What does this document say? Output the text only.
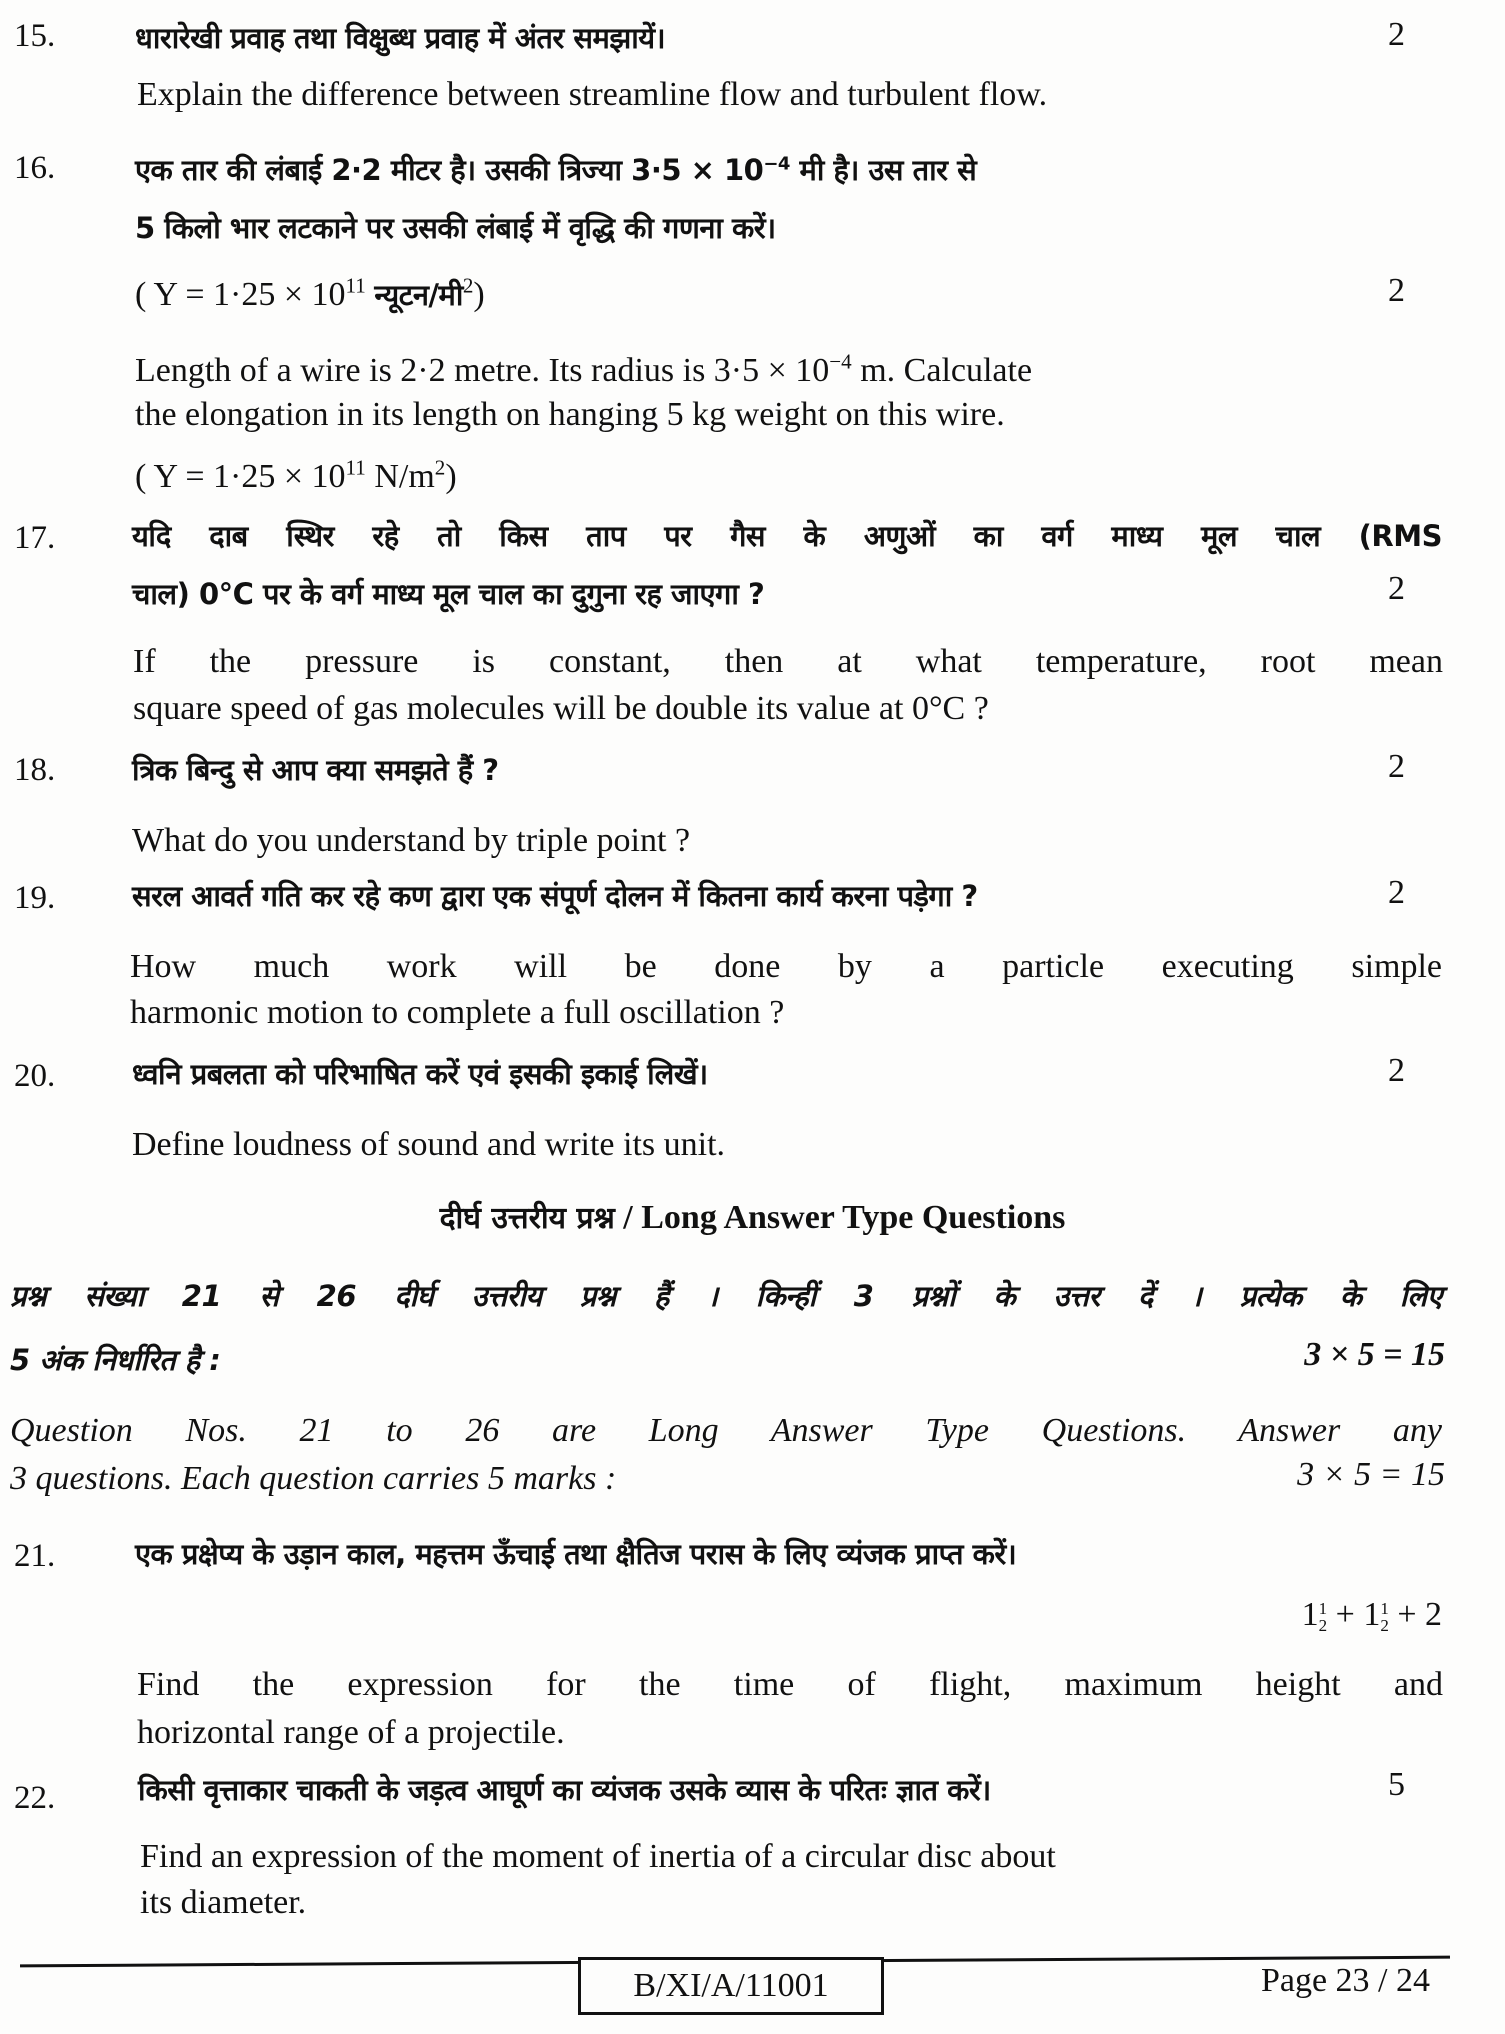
15.	धारारेखी प्रवाह तथा विक्षुब्ध प्रवाह में अंतर समझायें।	2
Explain the difference between streamline flow and turbulent flow.
16.	एक तार की लंबाई 2·2 मीटर है। उसकी त्रिज्या $3\cdot 5 \times 10^{-4}$ मी है। उस तार से
5 किलो भार लटकाने पर उसकी लंबाई में वृद्धि की गणना करें।
( $Y = 1\cdot 25 \times 10^{11}$ न्यूटन/मी$^2$)	2
Length of a wire is 2·2 metre. Its radius is $3\cdot 5 \times 10^{-4}$ m. Calculate
the elongation in its length on hanging 5 kg weight on this wire.
( $Y = 1\cdot 25 \times 10^{11}$ $N/m^2$)
17.	यदि दाब स्थिर रहे तो किस ताप पर गैस के अणुओं का वर्ग माध्य मूल चाल (RMS
चाल) 0°C पर के वर्ग माध्य मूल चाल का दुगुना रह जाएगा ?	2
If the pressure is constant, then at what temperature, root mean
square speed of gas molecules will be double its value at 0°C ?
18.	त्रिक बिन्दु से आप क्या समझते हैं ?	2
What do you understand by triple point ?
19.	सरल आवर्त गति कर रहे कण द्वारा एक संपूर्ण दोलन में कितना कार्य करना पड़ेगा ?	2
How much work will be done by a particle executing simple
harmonic motion to complete a full oscillation ?
20.	ध्वनि प्रबलता को परिभाषित करें एवं इसकी इकाई लिखें।	2
Define loudness of sound and write its unit.
दीर्घ उत्तरीय प्रश्न / Long Answer Type Questions
प्रश्न संख्या 21 से 26 दीर्घ उत्तरीय प्रश्न हैं । किन्हीं 3 प्रश्नों के उत्तर दें । प्रत्येक के लिए
5 अंक निर्धारित है :	3 × 5 = 15
Question Nos. 21 to 26 are Long Answer Type Questions. Answer any
3 questions. Each question carries 5 marks :	3 × 5 = 15
21.	एक प्रक्षेप्य के उड़ान काल, महत्तम ऊँचाई तथा क्षैतिज परास के लिए व्यंजक प्राप्त करें।
1 1
2 + 1 1
2 + 2
Find the expression for the time of flight, maximum height and
horizontal range of a projectile.
22.	किसी वृत्ताकार चाकती के जड़त्व आघूर्ण का व्यंजक उसके व्यास के परितः ज्ञात करें।	5
Find an expression of the moment of inertia of a circular disc about
its diameter.
B/XI/A/11001	Page 23 / 24
